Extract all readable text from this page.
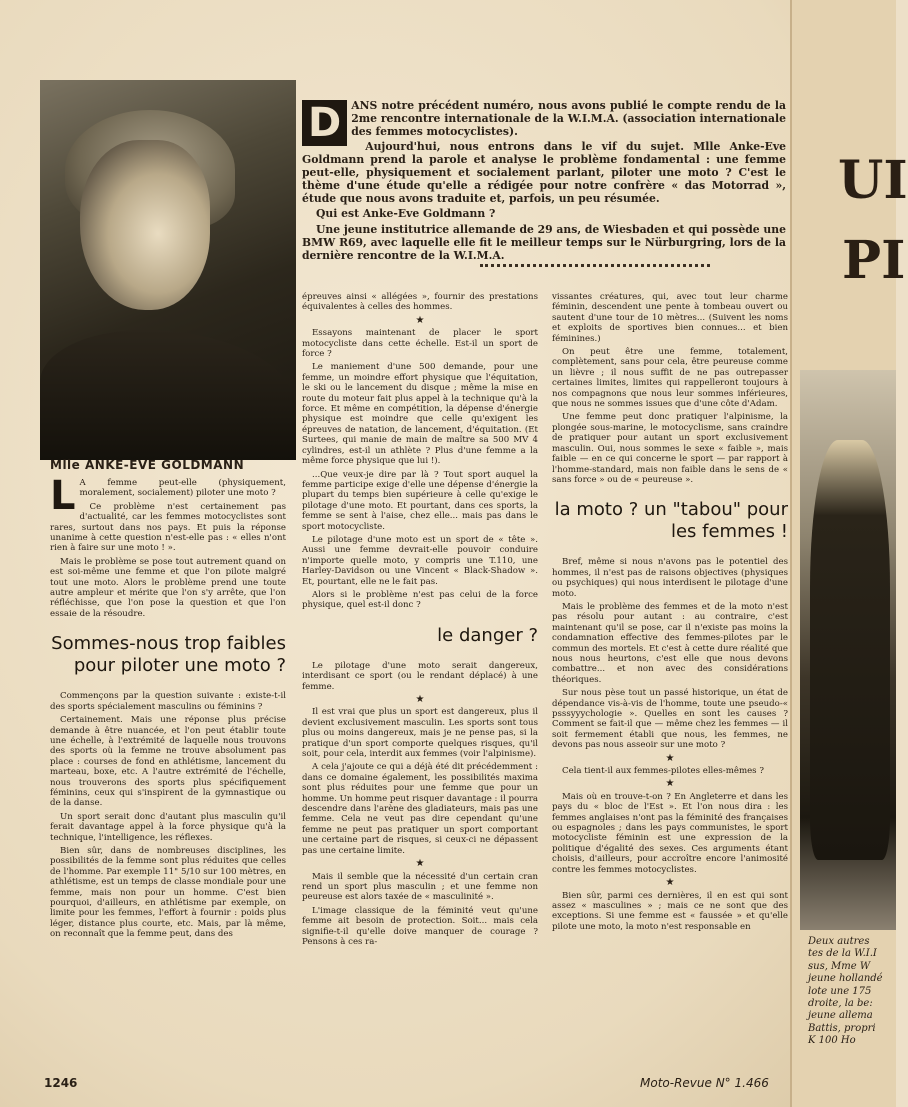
UI
PI
Deux autres
tes de la W.I.I
sus, Mme W
jeune hollandé
lote une 175
droite, la be:
jeune allema
Battis, propri
K 100 Ho
Mlle ANKE-EVE GOLDMANN

D ANS notre précédent numéro, nous avons publié le compte rendu de la 2me rencontre internationale de la W.I.M.A. (association internationale des femmes motocyclistes).

Aujourd'hui, nous entrons dans le vif du sujet. Mlle Anke-Eve Goldmann prend la parole et analyse le problème fondamental : une femme peut-elle, physiquement et socialement parlant, piloter une moto ? C'est le thème d'une étude qu'elle a rédigée pour notre confrère « das Motorrad », étude que nous avons traduite et, parfois, un peu résumée.

Qui est Anke-Eve Goldmann ?

Une jeune institutrice allemande de 29 ans, de Wiesbaden et qui possède une BMW R69, avec laquelle elle fit le meilleur temps sur le Nürburgring, lors de la dernière rencontre de la W.I.M.A.

L A femme peut-elle (physiquement, moralement, socialement) piloter une moto ?

Ce problème n'est certainement pas d'actualité, car les femmes motocyclistes sont rares, surtout dans nos pays. Et puis la réponse unanime à cette question n'est-elle pas : « elles n'ont rien à faire sur une moto ! ».

Mais le problème se pose tout autrement quand on est soi-même une femme et que l'on pilote malgré tout une moto. Alors le problème prend une toute autre ampleur et mérite que l'on s'y arrête, que l'on réfléchisse, que l'on pose la question et que l'on essaie de la résoudre.

Sommes-nous trop faibles pour piloter une moto ?

Commençons par la question suivante : existe-t-il des sports spécialement masculins ou féminins ?

Certainement. Mais une réponse plus précise demande à être nuancée, et l'on peut établir toute une échelle, à l'extrémité de laquelle nous trouvons des sports où la femme ne trouve absolument pas place : courses de fond en athlétisme, lancement du marteau, boxe, etc. A l'autre extrémité de l'échelle, nous trouverons des sports plus spécifiquement féminins, ceux qui s'inspirent de la gymnastique ou de la danse.

Un sport serait donc d'autant plus masculin qu'il ferait davantage appel à la force physique qu'à la technique, l'intelligence, les réflexes.

Bien sûr, dans de nombreuses disciplines, les possibilités de la femme sont plus réduites que celles de l'homme. Par exemple 11" 5/10 sur 100 mètres, en athlétisme, est un temps de classe mondiale pour une femme, mais non pour un homme. C'est bien pourquoi, d'ailleurs, en athlétisme par exemple, on limite pour les femmes, l'effort à fournir : poids plus léger, distance plus courte, etc. Mais, par là même, on reconnaît que la femme peut, dans des

épreuves ainsi « allégées », fournir des prestations équivalentes à celles des hommes.

★

Essayons maintenant de placer le sport motocycliste dans cette échelle. Est-il un sport de force ?

Le maniement d'une 500 demande, pour une femme, un moindre effort physique que l'équitation, le ski ou le lancement du disque ; même la mise en route du moteur fait plus appel à la technique qu'à la force. Et même en compétition, la dépense d'énergie physique est moindre que celle qu'exigent les épreuves de natation, de lancement, d'équitation. (Et Surtees, qui manie de main de maître sa 500 MV 4 cylindres, est-il un athlète ? Plus d'une femme a la même force physique que lui !).

...Que veux-je dire par là ? Tout sport auquel la femme participe exige d'elle une dépense d'énergie la plupart du temps bien supérieure à celle qu'exige le pilotage d'une moto. Et pourtant, dans ces sports, la femme se sent à l'aise, chez elle... mais pas dans le sport motocycliste.

Le pilotage d'une moto est un sport de « tête ». Aussi une femme devrait-elle pouvoir conduire n'importe quelle moto, y compris une T.110, une Harley-Davidson ou une Vincent « Black-Shadow ». Et, pourtant, elle ne le fait pas.

Alors si le problème n'est pas celui de la force physique, quel est-il donc ?

le danger ?

Le pilotage d'une moto serait dangereux, interdisant ce sport (ou le rendant déplacé) à une femme.

★

Il est vrai que plus un sport est dangereux, plus il devient exclusivement masculin. Les sports sont tous plus ou moins dangereux, mais je ne pense pas, si la pratique d'un sport comporte quelques risques, qu'il soit, pour cela, interdit aux femmes (voir l'alpinisme).

A cela j'ajoute ce qui a déjà été dit précédemment : dans ce domaine également, les possibilités maxima sont plus réduites pour une femme que pour un homme. Un homme peut risquer davantage : il pourra descendre dans l'arène des gladiateurs, mais pas une femme. Cela ne veut pas dire cependant qu'une femme ne peut pas pratiquer un sport comportant une certaine part de risques, si ceux-ci ne dépassent pas une certaine limite.

★

Mais il semble que la nécessité d'un certain cran rend un sport plus masculin ; et une femme non peureuse est alors taxée de « masculinité ».

L'image classique de la féminité veut qu'une femme ait besoin de protection. Soit... mais cela signifie-t-il qu'elle doive manquer de courage ? Pensons à ces ra-

vissantes créatures, qui, avec tout leur charme féminin, descendent une pente à tombeau ouvert ou sautent d'une tour de 10 mètres... (Suivent les noms et exploits de sportives bien connues... et bien féminines.)

On peut être une femme, totalement, complètement, sans pour cela, être peureuse comme un lièvre ; il nous suffit de ne pas outrepasser certaines limites, limites qui rappelleront toujours à nos compagnons que nous leur sommes inférieures, que nous ne sommes issues que d'une côte d'Adam.

Une femme peut donc pratiquer l'alpinisme, la plongée sous-marine, le motocyclisme, sans craindre de pratiquer pour autant un sport exclusivement masculin. Oui, nous sommes le sexe « faible », mais faible — en ce qui concerne le sport — par rapport à l'homme-standard, mais non faible dans le sens de « sans force » ou de « peureuse ».

la moto ? un "tabou" pour les femmes !

Bref, même si nous n'avons pas le potentiel des hommes, il n'est pas de raisons objectives (physiques ou psychiques) qui nous interdisent le pilotage d'une moto.

Mais le problème des femmes et de la moto n'est pas résolu pour autant : au contraire, c'est maintenant qu'il se pose, car il n'existe pas moins la condamnation effective des femmes-pilotes par le commun des mortels. Et c'est à cette dure réalité que nous nous heurtons, c'est elle que nous devons combattre... et non avec des considérations théoriques.

Sur nous pèse tout un passé historique, un état de dépendance vis-à-vis de l'homme, toute une pseudo-« psssyyychologie ». Quelles en sont les causes ? Comment se fait-il que — même chez les femmes — il soit fermement établi que nous, les femmes, ne devons pas nous asseoir sur une moto ?

★

Cela tient-il aux femmes-pilotes elles-mêmes ?

★

Mais où en trouve-t-on ? En Angleterre et dans les pays du « bloc de l'Est ». Et l'on nous dira : les femmes anglaises n'ont pas la féminité des françaises ou espagnoles ; dans les pays communistes, le sport motocycliste féminin est une expression de la politique d'égalité des sexes. Ces arguments étant choisis, d'ailleurs, pour accroître encore l'animosité contre les femmes motocyclistes.

★

Bien sûr, parmi ces dernières, il en est qui sont assez « masculines » ; mais ce ne sont que des exceptions. Si une femme est « faussée » et qu'elle pilote une moto, la moto n'est responsable en

1246	Moto-Revue N° 1.466
